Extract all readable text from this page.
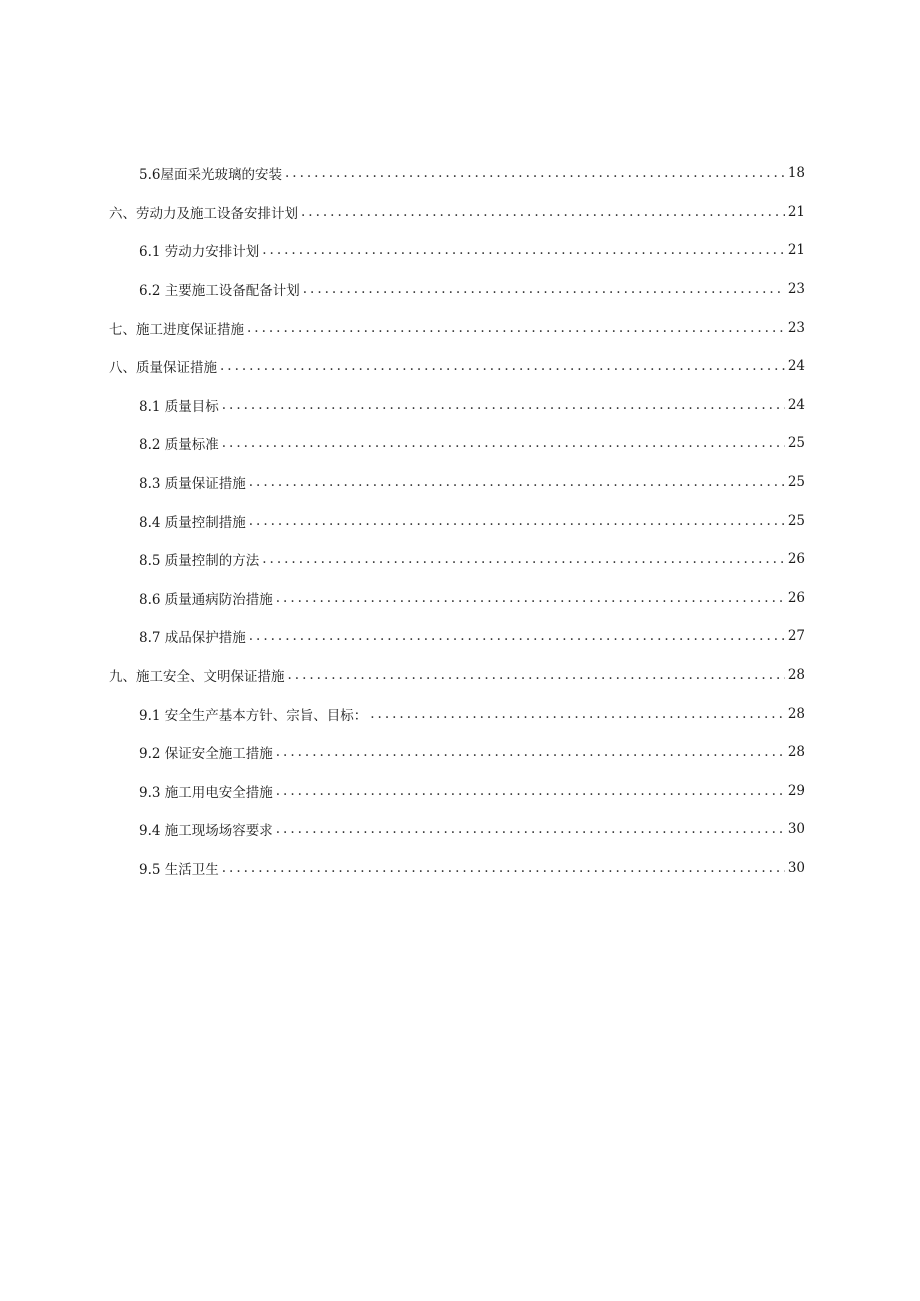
5.6屋面采光玻璃的安装 .....	18
六、劳动力及施工设备安排计划 .....	21
6.1 劳动力安排计划 .....	21
6.2 主要施工设备配备计划 .....	23
七、施工进度保证措施 .....	23
八、质量保证措施 .....	24
8.1 质量目标 .....	24
8.2 质量标准 .....	25
8.3 质量保证措施 .....	25
8.4 质量控制措施 .....	25
8.5 质量控制的方法 .....	26
8.6 质量通病防治措施 .....	26
8.7 成品保护措施 .....	27
九、施工安全、文明保证措施 .....	28
9.1 安全生产基本方针、宗旨、目标： .....	28
9.2 保证安全施工措施 .....	28
9.3 施工用电安全措施 .....	29
9.4 施工现场场容要求 .....	30
9.5 生活卫生 .....	30
